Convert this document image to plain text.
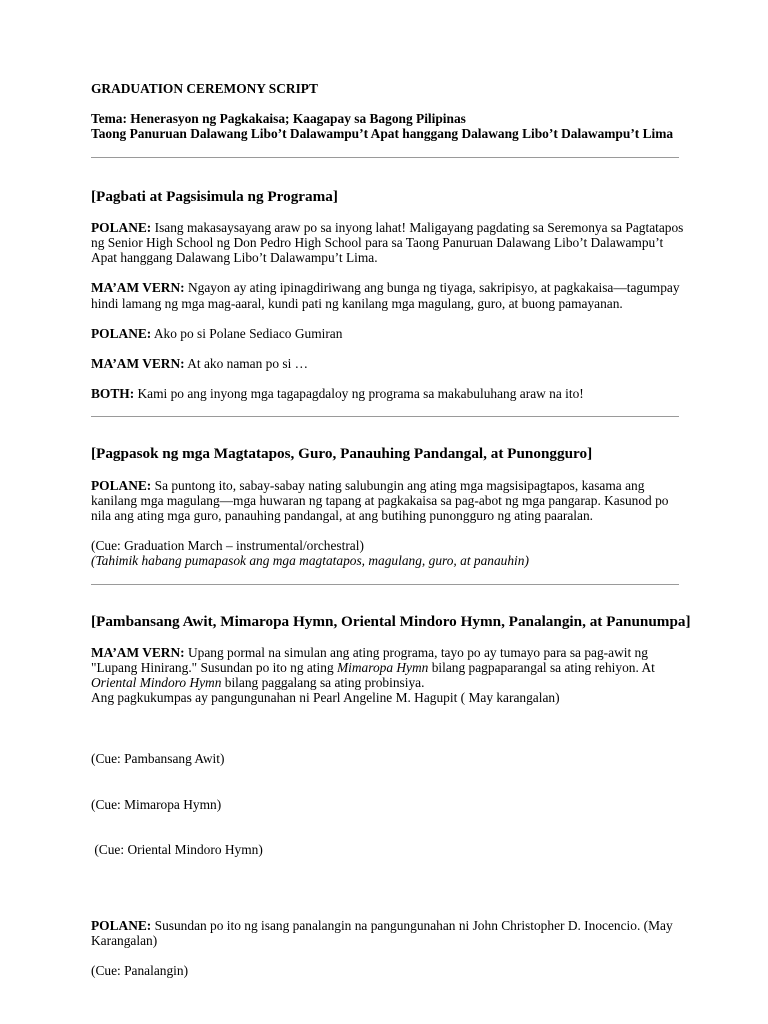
GRADUATION CEREMONY SCRIPT

Tema: Henerasyon ng Pagkakaisa; Kaagapay sa Bagong Pilipinas
Taong Panuruan Dalawang Libo’t Dalawampu’t Apat hanggang Dalawang Libo’t Dalawampu’t Lima

[Pagbati at Pagsisimula ng Programa]

POLANE: Isang makasaysayang araw po sa inyong lahat! Maligayang pagdating sa Seremonya sa Pagtatapos ng Senior High School ng Don Pedro High School para sa Taong Panuruan Dalawang Libo’t Dalawampu’t Apat hanggang Dalawang Libo’t Dalawampu’t Lima.

MA’AM VERN: Ngayon ay ating ipinagdiriwang ang bunga ng tiyaga, sakripisyo, at pagkakaisa—tagumpay hindi lamang ng mga mag-aaral, kundi pati ng kanilang mga magulang, guro, at buong pamayanan.

POLANE: Ako po si Polane Sediaco Gumiran

MA’AM VERN: At ako naman po si …

BOTH: Kami po ang inyong mga tagapagdaloy ng programa sa makabuluhang araw na ito!

[Pagpasok ng mga Magtatapos, Guro, Panauhing Pandangal, at Punongguro]

POLANE: Sa puntong ito, sabay-sabay nating salubungin ang ating mga magsisipagtapos, kasama ang kanilang mga magulang—mga huwaran ng tapang at pagkakaisa sa pag-abot ng mga pangarap. Kasunod po nila ang ating mga guro, panauhing pandangal, at ang butihing punongguro ng ating paaralan.

(Cue: Graduation March – instrumental/orchestral)
(Tahimik habang pumapasok ang mga magtatapos, magulang, guro, at panauhin)

[Pambansang Awit, Mimaropa Hymn, Oriental Mindoro Hymn, Panalangin, at Panunumpa]

MA’AM VERN: Upang pormal na simulan ang ating programa, tayo po ay tumayo para sa pag-awit ng "Lupang Hinirang." Susundan po ito ng ating Mimaropa Hymn bilang pagpaparangal sa ating rehiyon. At Oriental Mindoro Hymn bilang paggalang sa ating probinsiya.
Ang pagkukumpas ay pangungunahan ni Pearl Angeline M. Hagupit ( May karangalan)

(Cue: Pambansang Awit)

(Cue: Mimaropa Hymn)

(Cue: Oriental Mindoro Hymn)

POLANE: Susundan po ito ng isang panalangin na pangungunahan ni John Christopher D. Inocencio. (May Karangalan)

(Cue: Panalangin)
